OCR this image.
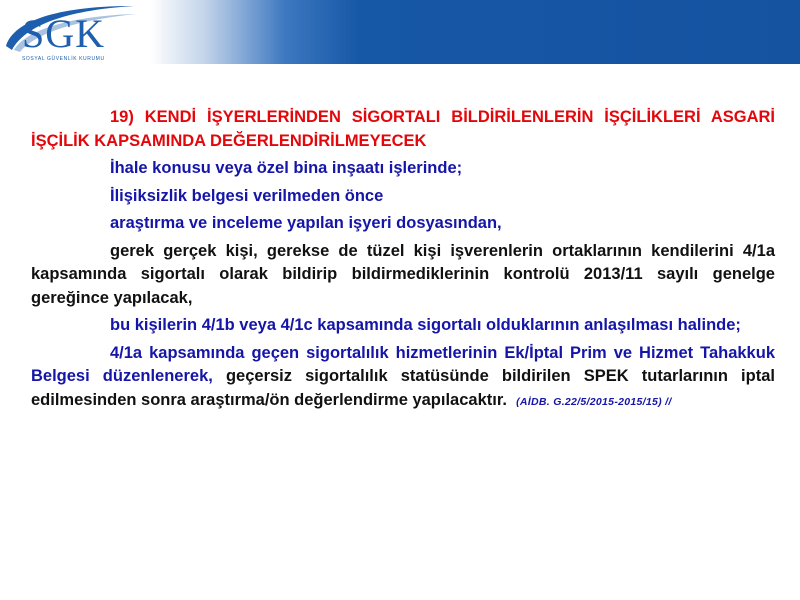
SGK
SOSYAL GÜVENLİK KURUMU

19) KENDİ İŞYERLERİNDEN SİGORTALI BİLDİRİLENLERİN İŞÇİLİKLERİ ASGARİ İŞÇİLİK KAPSAMINDA DEĞERLENDİRİLMEYECEK

İhale konusu veya özel bina inşaatı işlerinde;

İlişiksizlik belgesi verilmeden önce

araştırma ve inceleme yapılan işyeri dosyasından,

gerek gerçek kişi, gerekse de tüzel kişi işverenlerin ortaklarının kendilerini 4/1a kapsamında sigortalı olarak bildirip bildirmediklerinin kontrolü 2013/11 sayılı genelge gereğince yapılacak,

bu kişilerin 4/1b veya 4/1c kapsamında sigortalı olduklarının anlaşılması halinde;

4/1a kapsamında geçen sigortalılık hizmetlerinin Ek/İptal Prim ve Hizmet Tahakkuk Belgesi düzenlenerek, geçersiz sigortalılık statüsünde bildirilen SPEK tutarlarının iptal edilmesinden sonra araştırma/ön değerlendirme yapılacaktır. (AİDB. G.22/5/2015-2015/15) //
